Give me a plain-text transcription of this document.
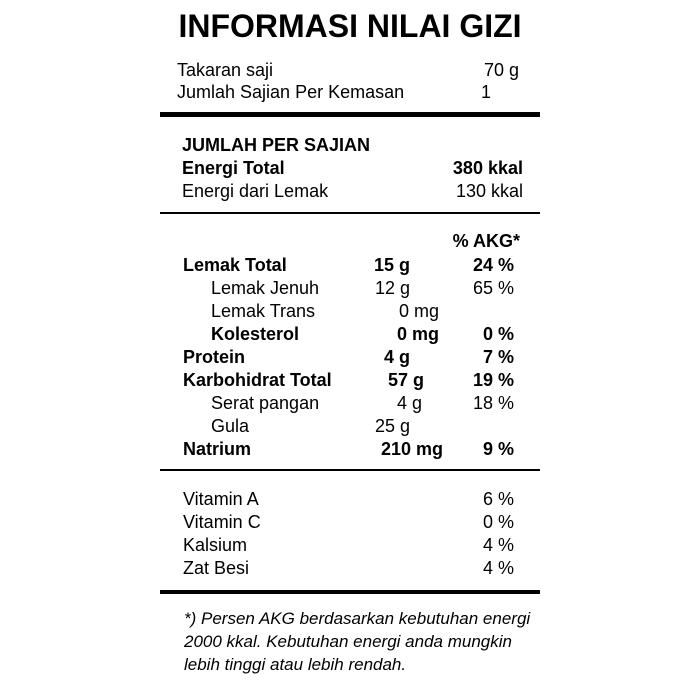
INFORMASI NILAI GIZI
Takaran saji	70 g
Jumlah Sajian Per Kemasan	1
JUMLAH PER SAJIAN
Energi Total	380 kkal
Energi dari Lemak	130 kkal
% AKG*
Lemak Total	15 g	24 %
Lemak Jenuh	12 g	65 %
Lemak Trans	0 mg
Kolesterol	0 mg 0 %
Protein	4 g	7 %
Karbohidrat Total	57 g	19 %
Serat pangan	4 g	18 %
Gula	25 g
Natrium	210 mg 9 %
Vitamin A	6 %
Vitamin C	0 %
Kalsium	4 %
Zat Besi	4 %
*) Persen AKG berdasarkan kebutuhan energi 2000 kkal. Kebutuhan energi anda mungkin lebih tinggi atau lebih rendah.
